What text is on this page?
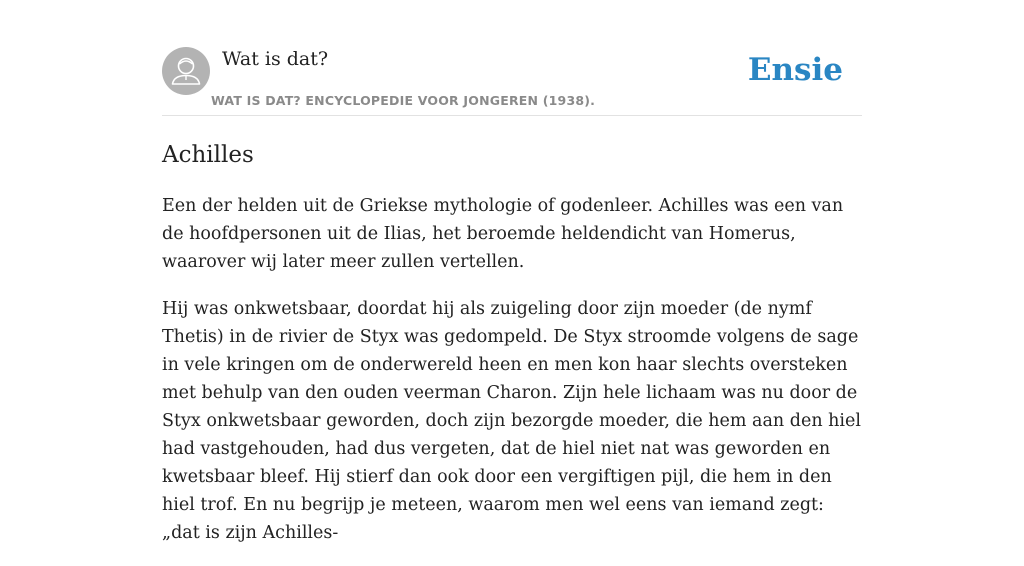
Wat is dat?
WAT IS DAT? ENCYCLOPEDIE VOOR JONGEREN (1938).
Ensie
Achilles

Een der helden uit de Griekse mythologie of godenleer. Achilles was een van de hoofdpersonen uit de Ilias, het beroemde heldendicht van Homerus, waarover wij later meer zullen vertellen.

Hij was onkwetsbaar, doordat hij als zuigeling door zijn moeder (de nymf Thetis) in de rivier de Styx was gedompeld. De Styx stroomde volgens de sage in vele kringen om de onderwereld heen en men kon haar slechts oversteken met behulp van den ouden veerman Charon. Zijn hele lichaam was nu door de Styx onkwetsbaar geworden, doch zijn bezorgde moeder, die hem aan den hiel had vastgehouden, had dus vergeten, dat de hiel niet nat was geworden en kwetsbaar bleef. Hij stierf dan ook door een vergiftigen pijl, die hem in den hiel trof. En nu begrijp je meteen, waarom men wel eens van iemand zegt: „dat is zijn Achilles-
